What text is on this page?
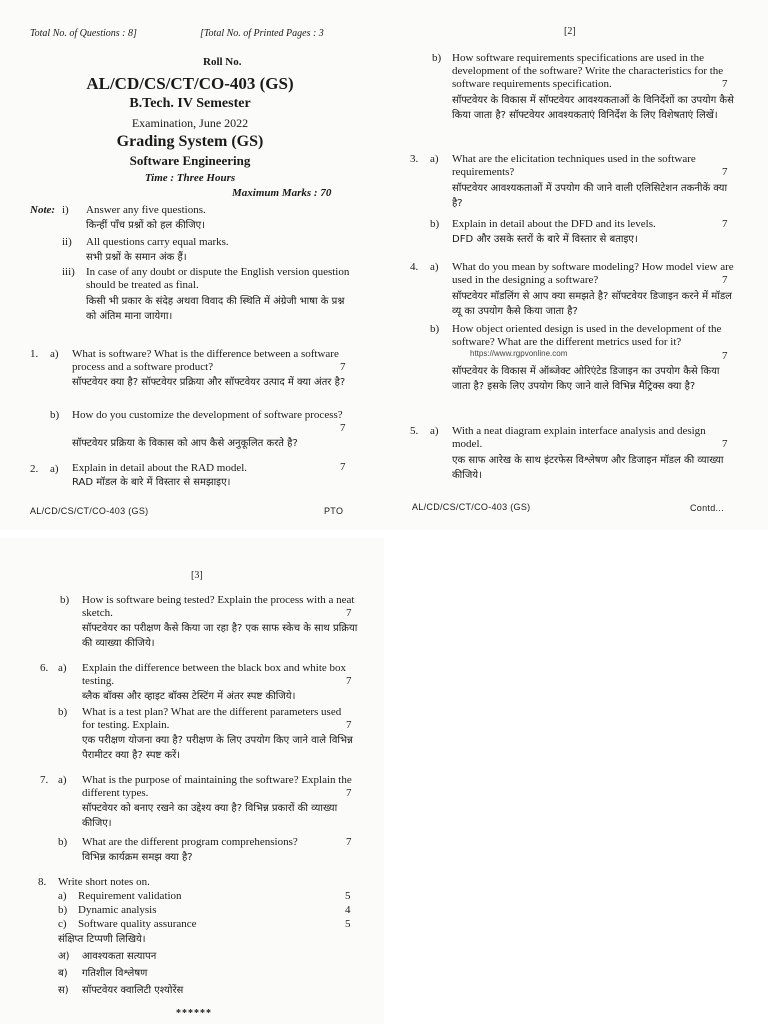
Total No. of Questions : 8]	[Total No. of Printed Pages : 3
Roll No.
AL/CD/CS/CT/CO-403 (GS)
B.Tech. IV Semester
Examination, June 2022
Grading System (GS)
Software Engineering
Time : Three Hours
Maximum Marks : 70
Note: i) Answer any five questions.
किन्हीं पाँच प्रश्नों को हल कीजिए।
ii) All questions carry equal marks.
सभी प्रश्नों के समान अंक हैं।
iii) In case of any doubt or dispute the English version question should be treated as final.
किसी भी प्रकार के संदेह अथवा विवाद की स्थिति में अंग्रेजी भाषा के प्रश्न को अंतिम माना जायेगा।
1. a) What is software? What is the difference between a software process and a software product?	7
सॉफ्टवेयर क्या है? सॉफ्टवेयर प्रक्रिया और सॉफ्टवेयर उत्पाद में क्या अंतर है?
b) How do you customize the development of software process?
7
सॉफ्टवेयर प्रक्रिया के विकास को आप कैसे अनुकूलित करते है?
2. a) Explain in detail about the RAD model.	7
RAD मॉडल के बारे में विस्तार से समझाइए।
AL/CD/CS/CT/CO-403 (GS)	PTO
[2]
b) How software requirements specifications are used in the development of the software? Write the characteristics for the software requirements specification.	7
सॉफ्टवेयर के विकास में सॉफ्टवेयर आवश्यकताओं के विनिर्देशों का उपयोग कैसे किया जाता है? सॉफ्टवेयर आवश्यकताएं विनिर्देश के लिए विशेषताएं लिखें।
3. a) What are the elicitation techniques used in the software requirements?	7
सॉफ्टवेयर आवश्यकताओं में उपयोग की जाने वाली एलिसिटेशन तकनीकें क्या है?
b) Explain in detail about the DFD and its levels.	7
DFD और उसके स्तरों के बारे में विस्तार से बताइए।
4. a) What do you mean by software modeling? How model view are used in the designing a software?	7
सॉफ्टवेयर मॉडलिंग से आप क्या समझते है? सॉफ्टवेयर डिजाइन करने में मॉडल व्यू का उपयोग कैसे किया जाता है?
b) How object oriented design is used in the development of the software? What are the different metrics used for it?
https://www.rgpvonline.com	7
सॉफ्टवेयर के विकास में ऑब्जेक्ट ओरिएंटेड डिजाइन का उपयोग कैसे किया जाता है? इसके लिए उपयोग किए जाने वाले विभिन्न मैट्रिक्स क्या है?
5. a) With a neat diagram explain interface analysis and design model.	7
एक साफ आरेख के साथ इंटरफेस विश्लेषण और डिजाइन मॉडल की व्याख्या कीजिये।
AL/CD/CS/CT/CO-403 (GS)	Contd...
[3]
b) How is software being tested? Explain the process with a neat sketch.	7
सॉफ्टवेयर का परीक्षण कैसे किया जा रहा है? एक साफ स्केच के साथ प्रक्रिया की व्याख्या कीजिये।
6. a) Explain the difference between the black box and white box testing.	7
ब्लैक बॉक्स और व्हाइट बॉक्स टेस्टिंग में अंतर स्पष्ट कीजिये।
b) What is a test plan? What are the different parameters used for testing. Explain.	7
एक परीक्षण योजना क्या है? परीक्षण के लिए उपयोग किए जाने वाले विभिन्न पैरामीटर क्या है? स्पष्ट करें।
7. a) What is the purpose of maintaining the software? Explain the different types.	7
सॉफ्टवेयर को बनाए रखने का उद्देश्य क्या है? विभिन्न प्रकारों की व्याख्या कीजिए।
b) What are the different program comprehensions?	7
विभिन्न कार्यक्रम समझ क्या है?
8. Write short notes on.
a) Requirement validation	5
b) Dynamic analysis	4
c) Software quality assurance	5
संक्षिप्त टिप्पणी लिखिये।
अ) आवश्यकता सत्यापन
ब) गतिशील विश्लेषण
स) सॉफ्टवेयर क्वालिटी एश्योरेंस
******
